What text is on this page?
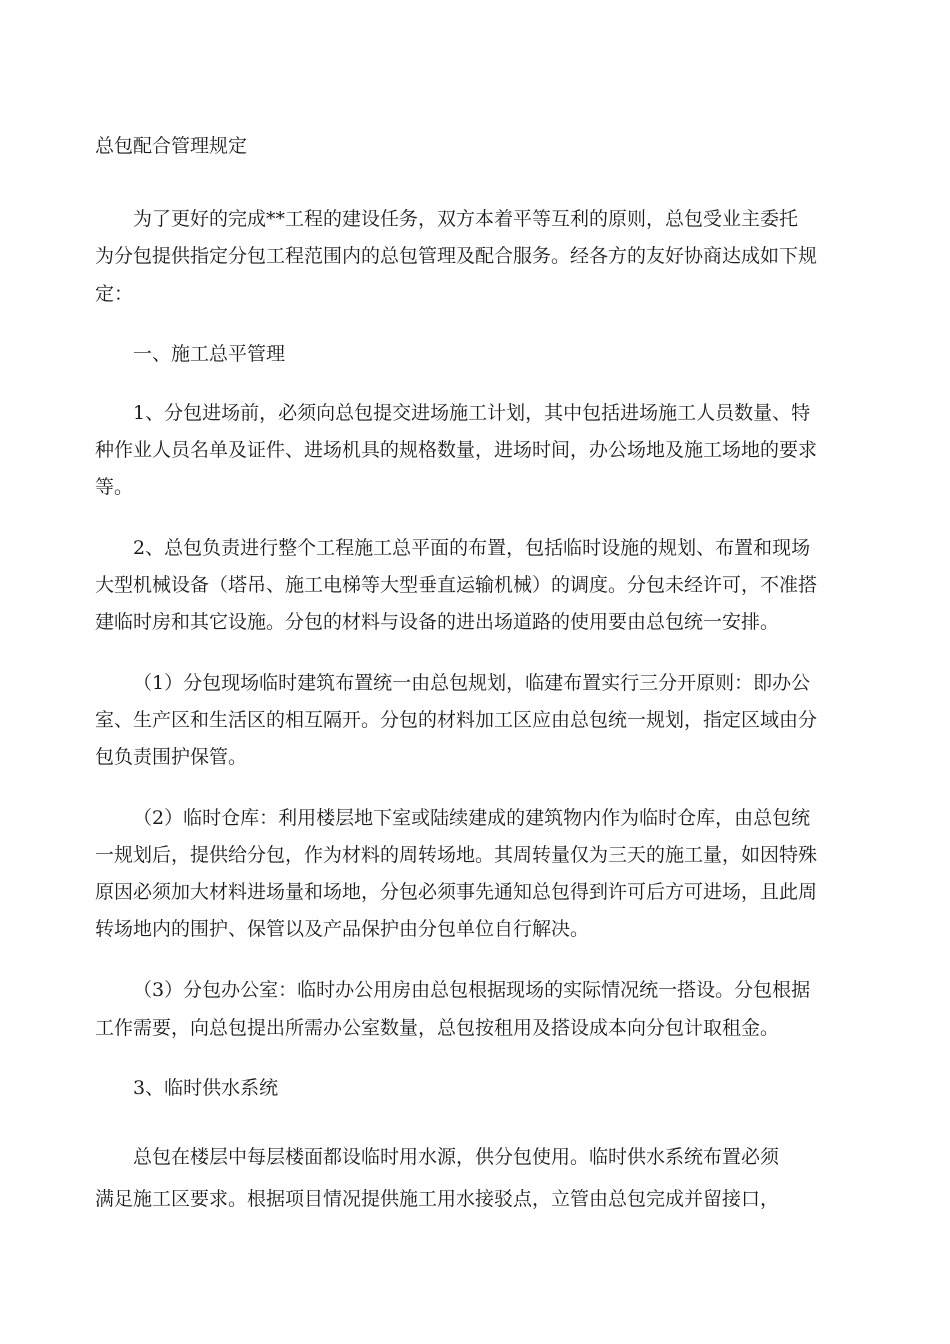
总包配合管理规定
为了更好的完成**工程的建设任务，双方本着平等互利的原则，总包受业主委托
为分包提供指定分包工程范围内的总包管理及配合服务。经各方的友好协商达成如下规
定：
一、施工总平管理
1、分包进场前，必须向总包提交进场施工计划，其中包括进场施工人员数量、特
种作业人员名单及证件、进场机具的规格数量，进场时间，办公场地及施工场地的要求
等。
2、总包负责进行整个工程施工总平面的布置，包括临时设施的规划、布置和现场
大型机械设备（塔吊、施工电梯等大型垂直运输机械）的调度。分包未经许可，不准搭
建临时房和其它设施。分包的材料与设备的进出场道路的使用要由总包统一安排。
（1）分包现场临时建筑布置统一由总包规划，临建布置实行三分开原则：即办公
室、生产区和生活区的相互隔开。分包的材料加工区应由总包统一规划，指定区域由分
包负责围护保管。
（2）临时仓库：利用楼层地下室或陆续建成的建筑物内作为临时仓库，由总包统
一规划后，提供给分包，作为材料的周转场地。其周转量仅为三天的施工量，如因特殊
原因必须加大材料进场量和场地，分包必须事先通知总包得到许可后方可进场，且此周
转场地内的围护、保管以及产品保护由分包单位自行解决。
（3）分包办公室：临时办公用房由总包根据现场的实际情况统一搭设。分包根据
工作需要，向总包提出所需办公室数量，总包按租用及搭设成本向分包计取租金。
3、临时供水系统
总包在楼层中每层楼面都设临时用水源，供分包使用。临时供水系统布置必须
满足施工区要求。根据项目情况提供施工用水接驳点，立管由总包完成并留接口，
